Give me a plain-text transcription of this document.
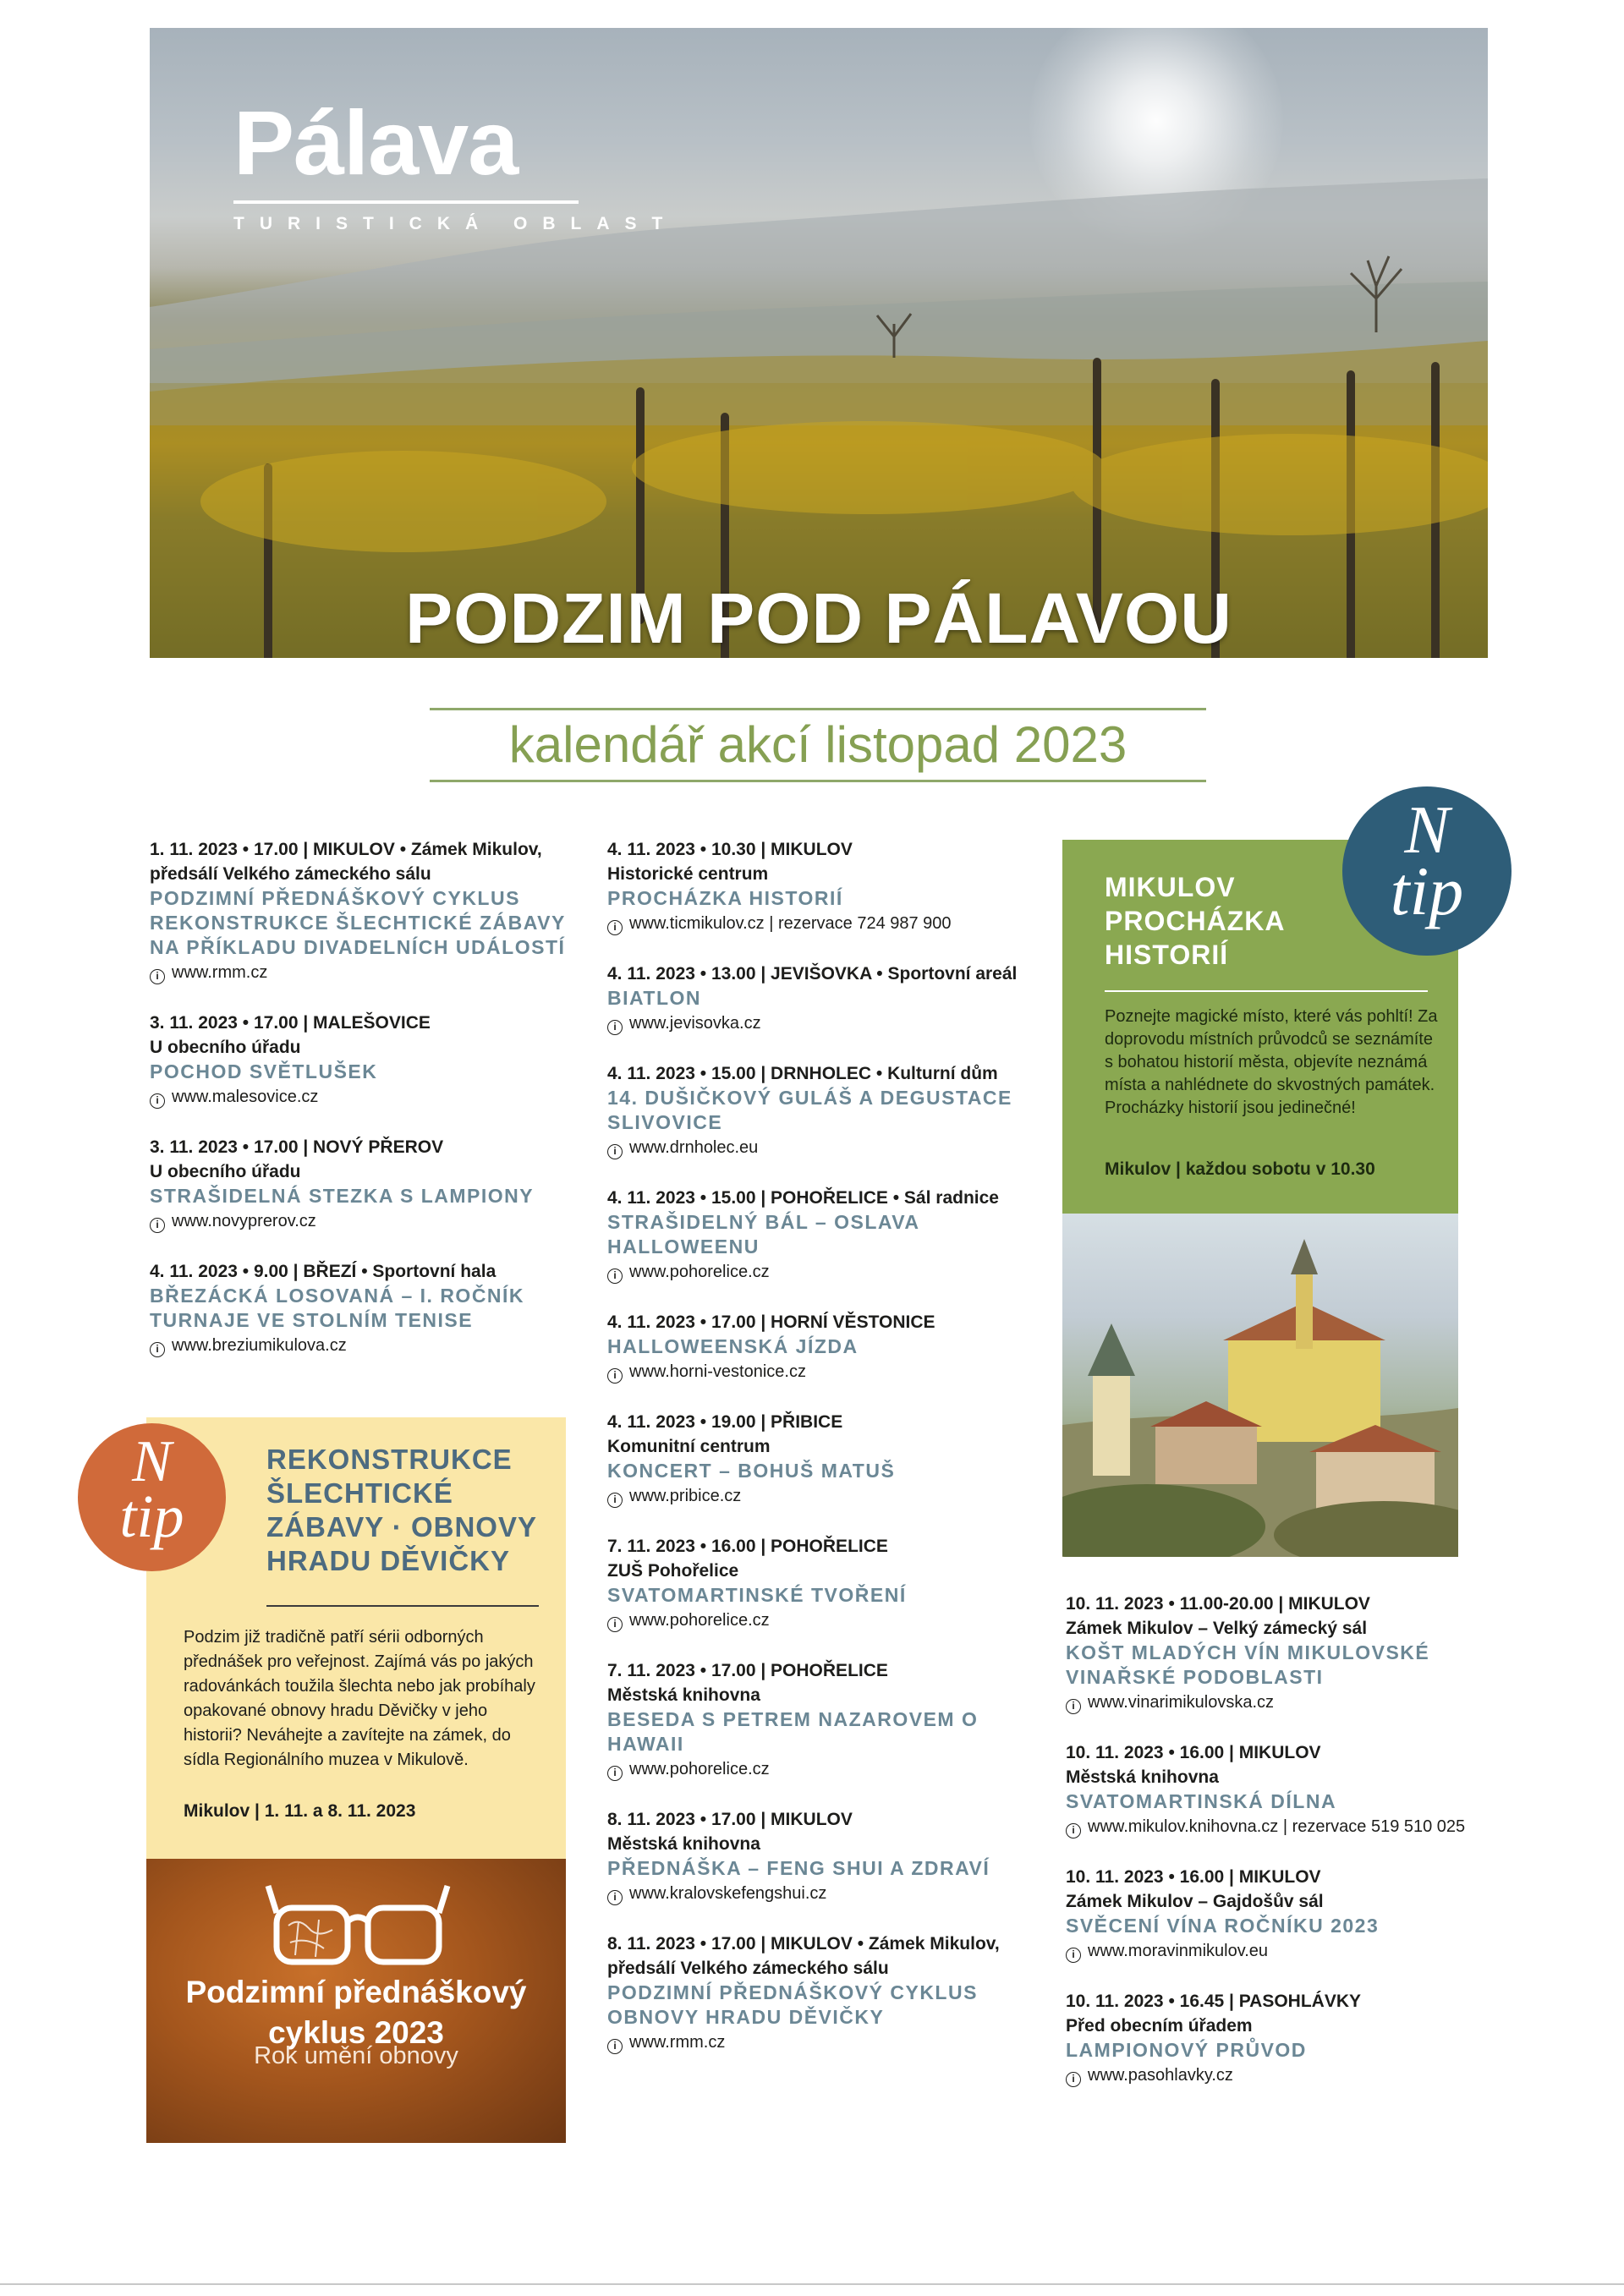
Pálava
TURISTICKÁ OBLAST
PODZIM POD PÁLAVOU
kalendář akcí listopad 2023
1. 11. 2023 • 17.00 | MIKULOV • Zámek Mikulov,
předsálí Velkého zámeckého sálu
PODZIMNÍ PŘEDNÁŠKOVÝ CYKLUS REKONSTRUKCE ŠLECHTICKÉ ZÁBAVY NA PŘÍKLADU DIVADELNÍCH UDÁLOSTÍ
i www.rmm.cz
3. 11. 2023 • 17.00 | MALEŠOVICE
U obecního úřadu
POCHOD SVĚTLUŠEK
i www.malesovice.cz
3. 11. 2023 • 17.00 | NOVÝ PŘEROV
U obecního úřadu
STRAŠIDELNÁ STEZKA S LAMPIONY
i www.novyprerov.cz
4. 11. 2023 • 9.00 | BŘEZÍ • Sportovní hala
BŘEZÁCKÁ LOSOVANÁ – I. ROČNÍK TURNAJE VE STOLNÍM TENISE
i www.breziumikulova.cz
4. 11. 2023 • 10.30 | MIKULOV
Historické centrum
PROCHÁZKA HISTORIÍ
i www.ticmikulov.cz | rezervace 724 987 900
4. 11. 2023 • 13.00 | JEVIŠOVKA • Sportovní areál
BIATLON
i www.jevisovka.cz
4. 11. 2023 • 15.00 | DRNHOLEC • Kulturní dům
14. DUŠIČKOVÝ GULÁŠ A DEGUSTACE SLIVOVICE
i www.drnholec.eu
4. 11. 2023 • 15.00 | POHOŘELICE • Sál radnice
STRAŠIDELNÝ BÁL – OSLAVA HALLOWEENU
i www.pohorelice.cz
4. 11. 2023 • 17.00 | HORNÍ VĚSTONICE
HALLOWEENSKÁ JÍZDA
i www.horni-vestonice.cz
4. 11. 2023 • 19.00 | PŘIBICE
Komunitní centrum
KONCERT – BOHUŠ MATUŠ
i www.pribice.cz
7. 11. 2023 • 16.00 | POHOŘELICE
ZUŠ Pohořelice
SVATOMARTINSKÉ TVOŘENÍ
i www.pohorelice.cz
7. 11. 2023 • 17.00 | POHOŘELICE
Městská knihovna
BESEDA S PETREM NAZAROVEM O HAWAII
i www.pohorelice.cz
8. 11. 2023 • 17.00 | MIKULOV
Městská knihovna
PŘEDNÁŠKA – FENG SHUI A ZDRAVÍ
i www.kralovskefengshui.cz
8. 11. 2023 • 17.00 | MIKULOV • Zámek Mikulov,
předsálí Velkého zámeckého sálu
PODZIMNÍ PŘEDNÁŠKOVÝ CYKLUS OBNOVY HRADU DĚVIČKY
i www.rmm.cz
10. 11. 2023 • 11.00-20.00 | MIKULOV
Zámek Mikulov – Velký zámecký sál
KOŠT MLADÝCH VÍN MIKULOVSKÉ VINAŘSKÉ PODOBLASTI
i www.vinarimikulovska.cz
10. 11. 2023 • 16.00 | MIKULOV
Městská knihovna
SVATOMARTINSKÁ DÍLNA
i www.mikulov.knihovna.cz | rezervace 519 510 025
10. 11. 2023 • 16.00 | MIKULOV
Zámek Mikulov – Gajdošův sál
SVĚCENÍ VÍNA ROČNÍKU 2023
i www.moravinmikulov.eu
10. 11. 2023 • 16.45 | PASOHLÁVKY
Před obecním úřadem
LAMPIONOVÝ PRŮVOD
i www.pasohlavky.cz
REKONSTRUKCE ŠLECHTICKÉ ZÁBAVY · OBNOVY HRADU DĚVIČKY
Podzim již tradičně patří sérii odborných přednášek pro veřejnost. Zajímá vás po jakých radovánkách toužila šlechta nebo jak probíhaly opakované obnovy hradu Děvičky v jeho historii? Neváhejte a zavítejte na zámek, do sídla Regionálního muzea v Mikulově.
Mikulov | 1. 11. a 8. 11. 2023
N
tip
Podzimní přednáškový cyklus 2023
Rok umění obnovy
MIKULOV PROCHÁZKA HISTORIÍ
Poznejte magické místo, které vás pohltí! Za doprovodu místních průvodců se seznámíte s bohatou historií města, objevíte neznámá místa a nahlédnete do skvostných památek. Procházky historií jsou jedinečné!
Mikulov | každou sobotu v 10.30
N
tip
